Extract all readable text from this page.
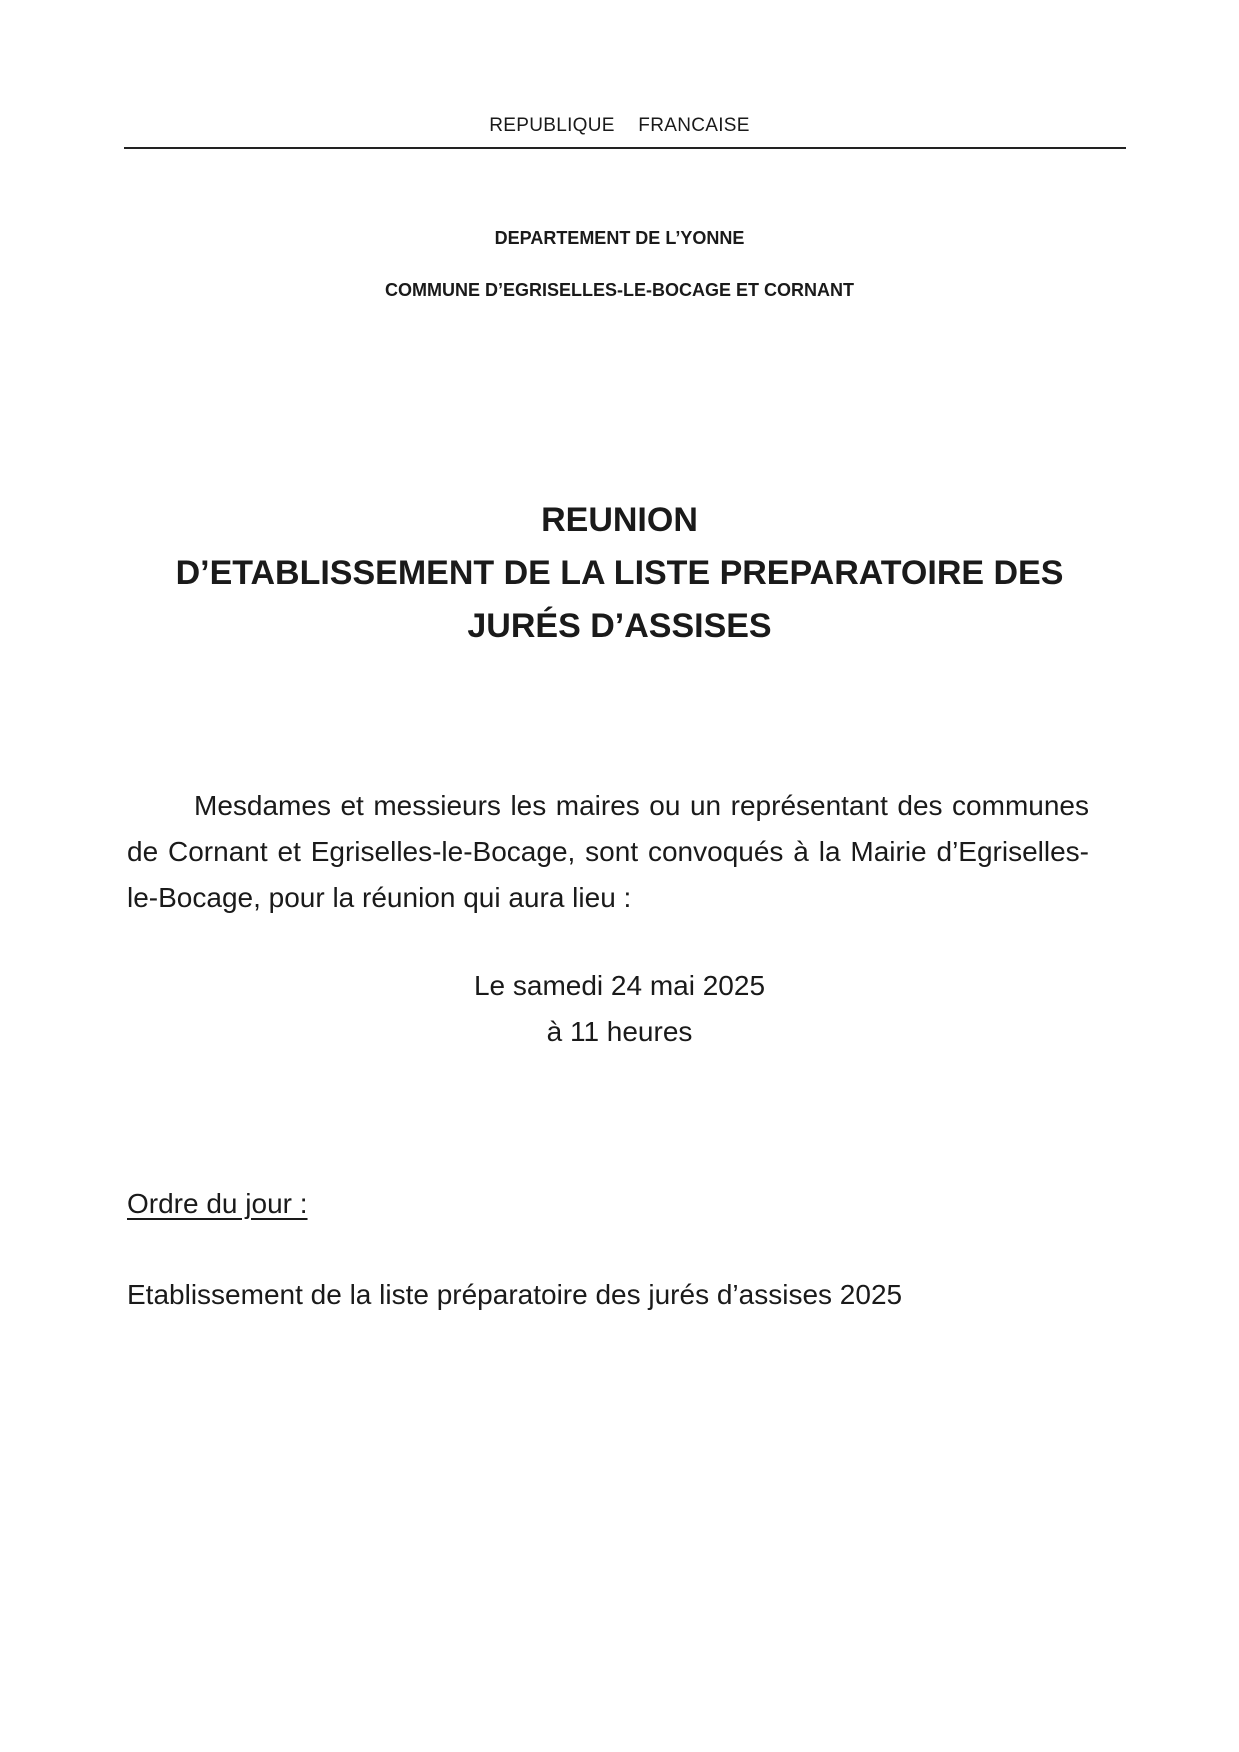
REPUBLIQUE FRANCAISE
DEPARTEMENT DE L’YONNE
COMMUNE D’EGRISELLES-LE-BOCAGE ET CORNANT
REUNION
D’ETABLISSEMENT DE LA LISTE PREPARATOIRE DES
JURÉS D’ASSISES
Mesdames et messieurs les maires ou un représentant des communes de Cornant et Egriselles-le-Bocage, sont convoqués à la Mairie d’Egriselles-le-Bocage, pour la réunion qui aura lieu :
Le samedi 24 mai 2025
à 11 heures
Ordre du jour :
Etablissement de la liste préparatoire des jurés d’assises 2025
